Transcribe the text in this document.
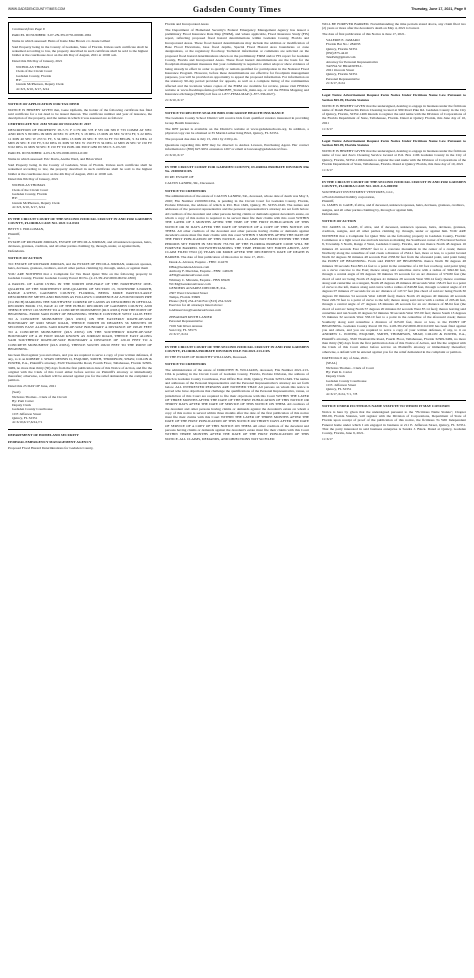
WWW.GADSDENCOUNTYTIMES.COM	Gadsden County Times	Thursday, June 17, 2021, Page 9

Continued from Page 8

PARCEL ID NUMBER: 3-07-2N-3W-0735-00000-1861

Name in which assessed: Heirs of Katie Mae Brown c/o Jessie Gilbert

Said Property being in the County of Gadsden, State of Florida. Unless such certificate shall be redeemed according to law, the property described in such certificate shall be sold to the highest bidder at the courthouse door on the 4th Day of August, 2021 at 10:00 a.m.

Dated this 8th Day of January, 2021

NICHOLAS THOMAS
Clerk of the Circuit Court
Gadsden County, Florida
BY: ________________
Glenda McPherson, Deputy Clerk
4t: 6/3, 6/10, 6/17, 6/24

NOTICE OF APPLICATION FOR TAX DEED

NOTICE IS HEREBY GIVEN that, Gene Opfieim, the holder of the following certificate has filed said certificate for a tax deed to be issued thereon. The certificate number and year of issuance, the description of the property, and the names in which it was assessed are as follows:

CERTIFICATE NO: 2183 YEAR OF ISSUANCE: 2017

DESCRIPTION OF PROPERTY: 05-7-71 F C/79 OR 578 P 535 OR 589 P 733 COMM AT NEC AND RUN S 89 DEG 09 MIN 49 SEC W 478 FT, S 18 DEG 15 MIN 49 SEC W 874 FT, S 22 DEG 11 MIN 40 SEC W 257.51 FT, S 34 DEG 13 MIN 29 SEC E 337.34 FT TO BEGIN, S 34 DEG 12 MIN 29 SEC E 150 FT, S 62 DEG 01 MIN 50 SEC W 150 FT N 34 DEG 12 MIN 29 SEC W 150 FT N 62 DEG 01 MIN 50 SEC E 150 FT TO POB. OR 390 P 1286 IN SECT. 3-1N-5W

PARCEL ID NUMBER: 4-03-1N-5W-0000-00014-0100

Name in which assessed: Eric Davis, Aretha Ward, and Brian Ward

Said Property being in the County of Gadsden, State of Florida. Unless such certificate shall be redeemed according to law, the property described in such certificate shall be sold to the highest bidder at the courthouse door on the 4th Day of August, 2021 at 10:00 a.m.

Dated this 8th Day of January, 2021

NICHOLAS THOMAS
Clerk of the Circuit Court
Gadsden County, Florida
BY: ________________
Glenda McPherson, Deputy Clerk
4t: 6/3, 6/10, 6/17, 6/24

IN THE CIRCUIT COURT OF THE SECOND JUDICIAL CIRCUIT IN AND FOR GADSDEN COUNTY, FLORIDA CASE NO. 2021 CA 0341

BETTY J. HOLLOMAN,
Plaintiff,
v.
ESTATE OF RICHARD JORDAN, ESTATE OF PECOLA JORDAN, and all unknown spouses, heirs, devisees, grantees, creditors, and all other parties claiming by, through, under, or against them,
Defendants.

NOTICE OF ACTION

TO: ESTATE OF RICHARD JORDAN, and the ESTATE OF PECOLA JORDAN, unknown spouses, heirs, devisees, grantees, creditors, and all other parties claiming by, through, under, or against them

YOU ARE NOTIFIED that a Complaint for Tax Deed Quiet Title on the following property in Gadsden County, Florida: Gadsden County Parcel ID No. (2-13-3N-4W-0000-00232-1800)

A PARCEL OF LAND LYING IN THE NORTH ONE-HALF OF THE NORTHWEST ONE-QUARTER OF THE NORTHWEST ONE-QUARTER OF SECTION 13, TOWNSHIP 3-NORTH, RANGE 4-WEST, GADSDEN COUNTY, FLORIDA, BEING MORE PARTICULARLY DESCRIBED BY METES AND BOUNDS AS FOLLOWS: COMMENCE AT A FOUND IRON PIPE (3/4 INCH) MARKING THE SOUTHWEST CORNER OF LANDS AS DESCRIBED IN OFFICIAL RECORDS BOOK 172, PAGE 41 OF THE PUBLIC RECORDS OF GADSDEN COUNTY, AND THENCE WEST 110.58 FEET TO A CONCRETE MONUMENT (RLS #3031) FOR THE POINT OF BEGINNING. FROM SAID POINT OF BEGINNING THENCE CONTINUE WEST 144.93 FEET TO A CONCRETE MONUMENT (RLS #3031) ON THE EASTERLY RIGHT-OF-WAY BOUNDARY OF ROD SHAW ROAD, THENCE NORTH 06 DEGREES 56 MINUTES 08 SECONDS EAST ALONG SAID RIGHT-OF-WAY BOUNDARY A DISTANCE OF 198.20 FEET TO A CONCRETE MONUMENT (RLS #3031) ON THE SOUTHERLY RIGHT-OF-WAY BOUNDARY OF A 20 FOOT ROAD KNOWN AS JORDAN ROAD, THENCE EAST ALONG SAID SOUTHERLY RIGHT-OF-WAY BOUNDARY A DISTANCE OF 120.16 FEET TO A CONCRETE MONUMENT (RLS #3031), THENCE SOUTH 196.50 FEET TO THE POINT OF BEGINNING.

has been filed against you and others, and you are required to serve a copy of your written defenses, if any, to it on ROBERT J. SHAW DENNIS II, ESQUIRE, SMITH, THOMPSON, SHAW, COLON & POWER, P.A., Plaintiff's attorney, 3520 Thomasville Road, Fourth Floor, Tallahassee, Florida 32309-3469, no more than thirty (30) days from the first publication date of this Notice of Action, and file the original with the Clerk of this Court either before service on Plaintiff's attorney or immediately thereafter; otherwise, a default will be entered against you for the relief demanded in the complaint or petition.

Dated this 25 DAY OF June, 2021

(Seal)
Nicholas Thomas - Clerk of the Circuit
By: Pam Carter
Deputy Clerk
Gadsden County Courthouse
10 E Jefferson Street
Quincy, FL 32351
4t: 6/10,6/17,6/24,7/1

DEPARTMENT OF HOMELAND SECURITY

FEDERAL EMERGENCY MANAGEMENT AGENCY

Proposed Flood Hazard Determinations for Gadsden County,

Florida and Incorporated Areas

The Department of Homeland Security's Federal Emergency Management Agency has issued a preliminary Flood Insurance Rate Map (FIRM), and where applicable, Flood Insurance Study (FIS) report, reflecting proposed flood hazard determinations within Gadsden County, Florida and Incorporated Areas. These flood hazard determinations may include the addition or modification of Base Flood Elevations, base flood depths, Special Flood Hazard Area boundaries or zone designations, or the regulatory floodway. Technical information or comments are solicited on the proposed flood hazard determinations shown on the preliminary FIRM and/or FIS report for Gadsden County, Florida and Incorporated Areas. These flood hazard determinations are the basis for the floodplain management measures that your community is required to either adopt or show evidence of being already in effect in order to qualify or remain qualified for participation in the National Flood Insurance Program. However, before these determinations are effective for floodplain management purposes, you will be provided an opportunity to appeal the proposed information. For information on the statutory 90-day period provided for appeals, as well as a complete listing of the communities affected and the locations where copies of the FIRM are available for review, please visit FEMA's website at www.floodmaps.fema.gov/fhm/BFE_Status/bfe_main.asp, or call the FEMA Mapping and Insurance eXchange (FMIX) toll free at 1-877-FEMA MAP (1-877-336-2627).

2t: 6/10, 6/17

NOTICE TO RECEIVE SEALED BIDS FOR GROUP HEALTH INSURANCE

The Gadsden County School District will receive bids from qualified vendors interested in providing Group Health Insurance.

The RFP packet is available on the District's website at www.gadsdenschools.org. In addition, a physical copy can be obtained at 35 Martin Luther King Blvd, Quincy, FL 32351.

The proposal due date is July 15, 2021 by 2:00 p.m.

Questions regarding this RFP may be directed to Andrea Lawson, Purchasing Agent. Her contact information is: (850) 627-9651 extension 1267 or email at lawsona@gadsden.k12.fl.us.

2t: 6/10, 6/17

IN THE CIRCUIT COURT FOR GADSDEN COUNTY, FLORIDA PROBATE DIVISION File No. 21000301CPA

IN RE: ESTATE OF

CALVIN LANIER, SR., Deceased.

NOTICE TO CREDITORS

The administration of the estate of CALVIN LANIER, SR., deceased, whose date of death was May 3, 2020; File Number 21000301CPA, is pending in the Circuit Court for Gadsden County, Florida, Probate Division, the address of which is P.O. Box 1649, Quincy, FL 32353-1649. The names and addresses of the personal representative and the personal representative's attorney are set forth below. All creditors of the decedent and other persons having claims or demands against decedent's estate, on whom a copy of this notice is required to be served must file their claims with this court WITHIN THE LATER OF 3 MONTHS AFTER THE TIME OF THE FIRST PUBLICATION OF THIS NOTICE OR 30 DAYS AFTER THE DATE OF SERVICE OF A COPY OF THIS NOTICE ON THEM. All other creditors of the decedent and other persons having claims or demands against decedent's estate must file their claims with this court WITHIN 3 MONTHS AFTER THE DATE OF THE FIRST PUBLICATION OF THIS NOTICE. ALL CLAIMS NOT FILED WITHIN THE TIME PERIODS SET FORTH IN SECTION 733.702 OF THE FLORIDA PROBATE CODE WILL BE FOREVER BARRED. NOTWITHSTANDING THE TIME PERIOD SET FORTH ABOVE, ANY CLAIM FILED TWO (2) YEARS OR MORE AFTER THE DECEDENT'S DATE OF DEATH IS BARRED. The date of first publication of this notice is: June 17, 2021.

Derek A. Alvarez, Esquire - FBN: 114278
DBA@GendersAlvarez.com
Anthony F. Diecidue, Esquire - FBN: 146528
AFD@GendersAlvarez.com
Whitney C. Miranda, Esquire - FBN 65928
WCM@GendersAlvarez.com
GENDERS ALVAREZ DIECIDUE, P.A.
2307 West Cleveland Street
Tampa, Florida 33609
Phone: (813) 254-4744 Fax: (813) 254-5222
Eservice for all attorneys listed above:
GADeservice@GendersAlvarez.com
ZEBADIAH KEITH LANIER
Personal Representative
7106 Salt River Avenue
Sun City, FL 33573
2t: 6/17, 6/24

IN THE CIRCUIT COURT OF THE SECOND JUDICIAL CIRCUIT IN AND FOR GADSDEN COUNTY, FLORIDA PROBATE DIVISION FILE NO.2021-213-CPA

IN THE ESTATE OF DOROTHY WILLIAMS, Deceased.

NOTICE TO CREDITORS

The administration of the estate of DOROTHY B. WILLIAMS, deceased, File Number 2021-213-CPA is pending in the Circuit Court of Gadsden County, Florida, Probate Division, the address of which is Gadsden County Courthouse, Post Office Box 1649, Quincy, Florida 32353-1649. The names and addresses of the Personal Representative and the Personal Representative's attorney are set forth below. ALL INTERESTED PERSONS ARE NOTIFIED THAT: All persons on whom this notice is served who have objections that challenge the qualifications of the Personal Representative, venue, or jurisdiction of this Court are required to file their objections with this Court WITHIN THE LATER OF THREE MONTHS AFTER THE DATE OF THE FIRST PUBLICATION OF THIS NOTICE OR THIRTY DAYS AFTER THE DATE OF SERVICE OF THIS NOTICE ON THEM. All creditors of the decedent and other persons having claims or demands against the decedent's estate on whom a copy of this notice is served within three months after the date of the first publication of this notice must file their claims with this Court WITHIN THE LATER OF THREE MONTHS AFTER THE DATE OF THE FIRST PUBLICATION OF THIS NOTICE OR THIRTY DAYS AFTER THE DATE OF SERVICE OF A COPY OF THIS NOTICE ON THEM. All other creditors of the decedent and persons having claims or demands against the decedent's estate must file their claims with this Court WITHIN THREE MONTHS AFTER THE DATE OF THE FIRST PUBLICATION OF THIS NOTICE. ALL CLAIMS, DEMANDS, AND OBJECTIONS NOT SO FILED

WILL BE FOREVER BARRED. Notwithstanding the time periods stated above, any claim filed two (2) years or more after the decedent's death on May 4, 2021 is barred.

The date of first publication of this Notice is June 17, 2021.

VALERIE E. JAMARO
Florida Bar No.: 284033
Quincy, Florida 32351
(850) 875-4410
TelePell@gmail.com
Attorney for Personal Representative
TANYA W. BRADWELL
2021 Osceola Street
Quincy, Florida 32351
Personal Representative
2t: 6/17, 6/24

Legal Notice Advertisement Request Form Notice Under Fictitious Name Law Pursuant to Section 865.09, Florida Statutes

NOTICE IS HEREBY GIVEN that the undersigned, desiring to engage in business under the fictitious name of Dandi Burrus/Im Patton Cleaning located at 999 Pearl Pike Rd. Gadsden County in the City of Quincy, Florida, 32352-1466 intends to register the said name with the Division of Corporations of the Florida Department of State, Tallahassee, Florida. Dated at Quincy Florida, this June day of 10, 2021

1t: 6/17

Legal Notice Advertisement Request Form Notice Under Fictitious Name Law Pursuant to Section 865.09, Florida Statutes

NOTICE IS HEREBY GIVEN that the undersigned, desiring to engage in business under the fictitious name of Cee and Zee's Cleaning Service located at P.O. Box 1196 Gadsden County in the City of Quincy, Florida, 32352-1196 intends to register the said name with the Division of Corporations of the Florida Department of State, Tallahassee, Florida. Dated at Quincy Florida, this June day of 10, 2021

1t: 6/17

IN THE CIRCUIT COURT OF THE SECOND JUDICIAL CIRCUIT IN AND FOR GADSDEN COUNTY, FLORIDA CASE NO. 2021-CA-000390

SOUTHEAST INVESTMENT VENTURES, LLC,
a Florida limited liability corporation,
Plaintiff,
vs. JAMES O. GADE, if alive, and if deceased, unknown spouses, heirs, devisees, grantees, creditors, assigns, and all other parties claiming by, through or against him,
Defendants.

NOTICE OF ACTION

TO: JAMES O. GADE, if alive, and if deceased, unknown spouses, heirs, devisees, grantees, creditors, assigns, and all other parties claiming by, through, under or against him. YOU ARE NOTIFIED that a Complaint for Quiet Title on the following property in Gadsden County, Florida: Commence at a light wood axe and tack known as marking the Southwest corner of Fractional Section 8, Township 3 North, Range 2 West, Gadsden County, Florida, and run thence North 48 degrees 16 minutes 45 seconds East 2856.87 feet to a concrete monument in the center of a creek; thence Northerly along the centerline of said creek a distance of 2524.1 feet, more or less, to a point located North 62 degrees 30 minutes 48 seconds East 2358.82 feet from the aforesaid point, said point being the POINT OF BEGINNING. From said POINT OF BEGINNING thence North 89 degrees 48 minutes 39 seconds East 865.14 feet to a point in the centerline of a 60 foot roadway, said point lying on a curve concave to the East; thence along said centerline curve with a radius of 3492.60 feet, through a central angle of 09 degrees 30 minutes 33 seconds for an arc distance of 579.80 feet (the chord of said arc being North 23 degrees 41 minutes 28 seconds West 580.14 feet); thence continue along said centerline on a tangent, North 28 degrees 26 minutes 49 seconds West 158.23 feet to a point of curve to the left, thence along said curve with a radius of 840.88 feet, through a central angle of 23 degrees 07 minutes 27 seconds for an arc distance of 147.57 feet (the chord of said arc being North 30 degrees 09 minutes 54 seconds West 146.98 feet); thence North 43 degrees 40 minutes 40 seconds West 226.70 feet to a point of curve to the left; thence along said curve with a radius of 203.46 feet, through a central angle of 27 degrees 18 minutes 48 seconds for an arc distance of 88.64 feet (the chord of said arc being North 57 degrees 20 minutes 02 seconds West 87.14 feet); thence leaving said centerline and run South 10 degrees 52 minutes 30 seconds West 337.00 feet; thence South 13 degrees 53 minutes 32 seconds West 558.10 feet to a point in the centerline of the aforesaid creek; thence Southerly along said centerline a distance of 625.00 feet, more or less, to the POINT OF BEGINNING. Gadsden County Parcel ID No. 2-08-3N-2W-0000-00110-0100 has been filed against you and others, and you are required to serve a copy of your written defenses, if any, to it on ANDREW L. POWER, ESQUIRE, SMITH, THOMPSON, SHAW, COLON & POWER, P.A., Plaintiff's attorney, 3520 Thomasville Road, Fourth Floor, Tallahassee, Florida 32309-3469, no more than thirty (30) days from the first publication date of this Notice of Action, and file the original with the Clerk of this Court either before service on Plaintiff's attorney or immediately thereafter; otherwise, a default will be entered against you for the relief demanded in the complaint or petition.

DATED this 8 day of June, 2021.

(SEAL)
Nicholas Thomas - Clerk of Court
By: Pam K. Carter
Deputy Clerk
Gadsden County Courthouse
10 E. Jefferson Street
Quincy, FL 32351
4t: 6/17, 6/24, 7/1, 7/8

NOTICE UNDER FICTITIOUS NAME STATUTE TO WHOM IT MAY CONCERN

Notice is here by given that the undersigned pursuant to the "Fictitious Name Statute", Chapter 865.09, Florida Statutes, will register with the Division of Corporations, Department of State of Florida upon receipt of proof of the publication of this notice, the fictitious To Will Independent Funeral home under which I am engaged in business at 211 E. Jefferson Street, Quincy, FL 32351. That the party interested in said business enterprise is Sandra J. Black. Dated at Quincy, Gadsden County, Florida, June 9, 2021.

1t: 6/17
